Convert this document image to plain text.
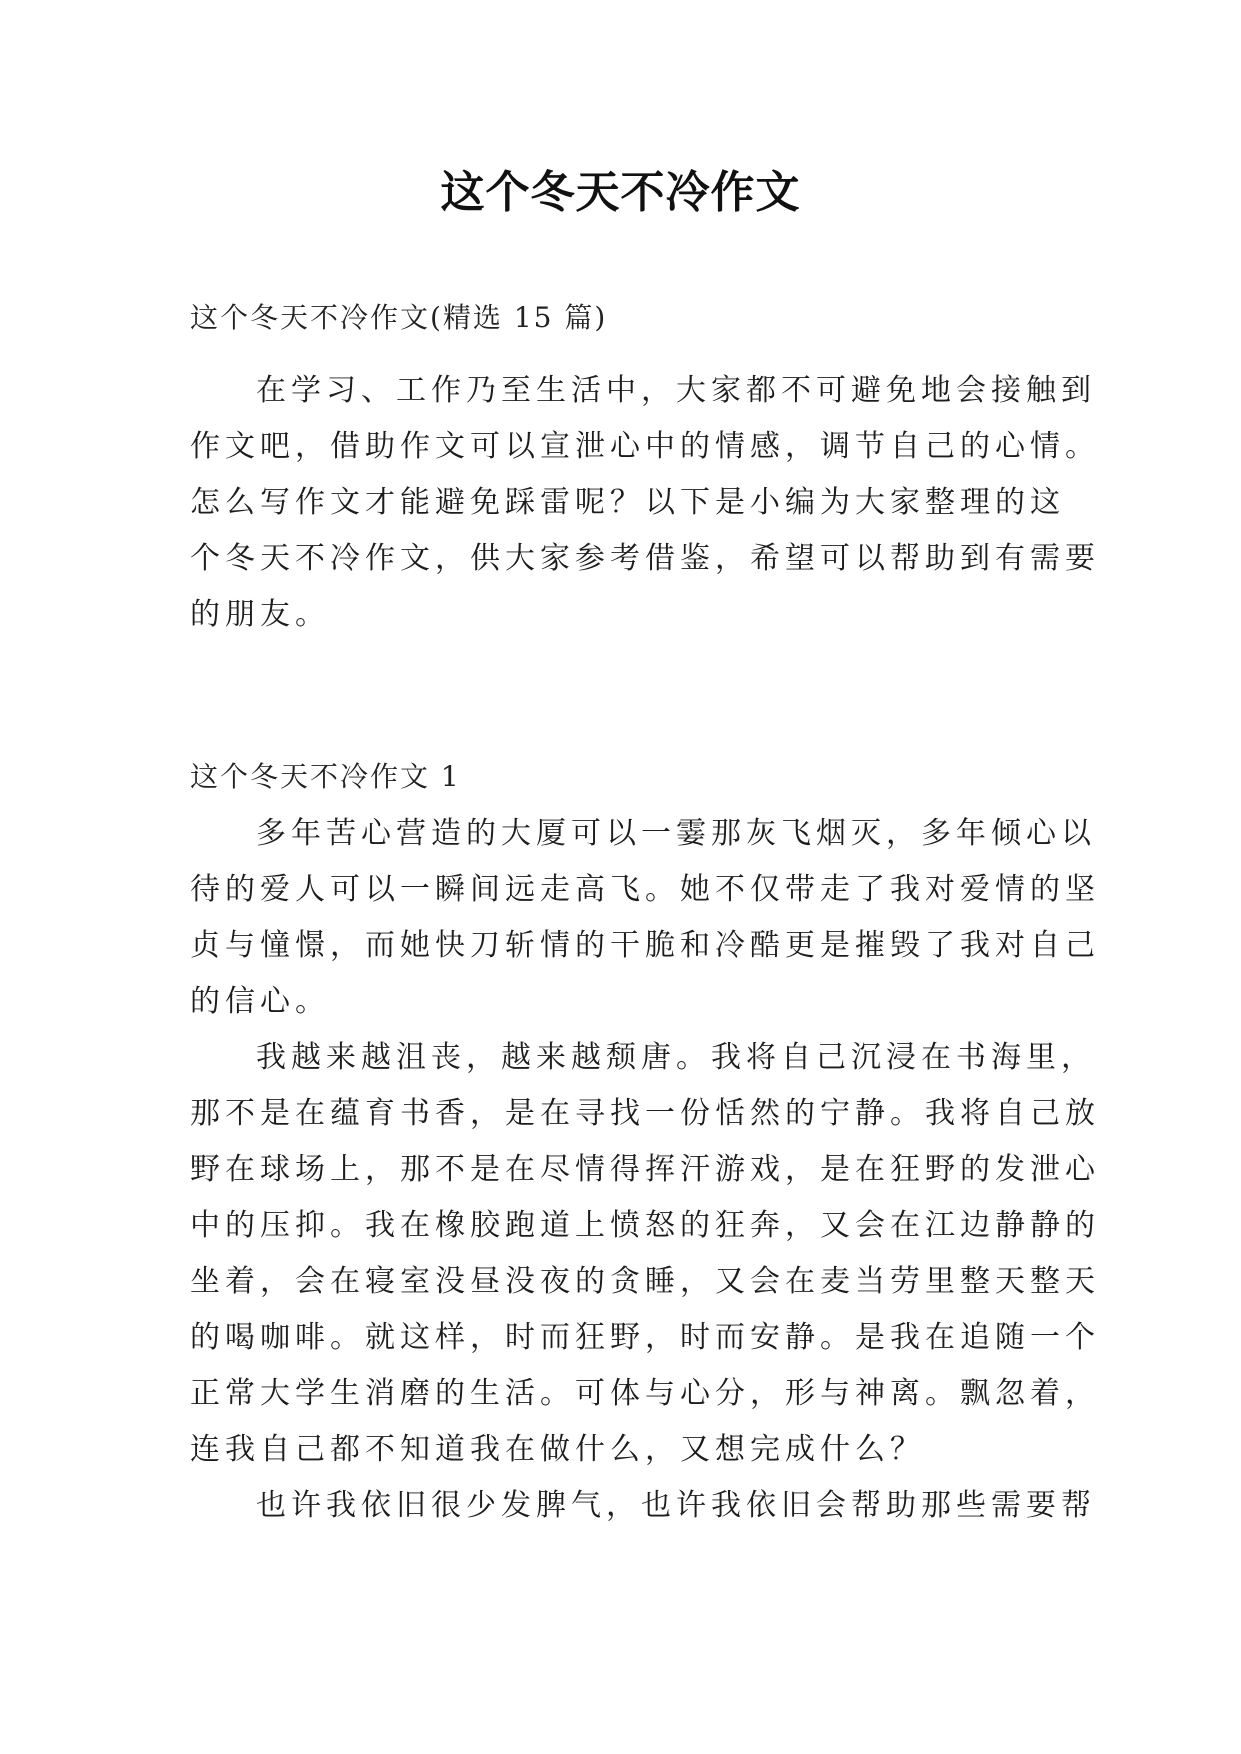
这个冬天不冷作文
这个冬天不冷作文(精选 15 篇)
在学习、工作乃至生活中，大家都不可避免地会接触到
作文吧，借助作文可以宣泄心中的情感，调节自己的心情。
怎么写作文才能避免踩雷呢？以下是小编为大家整理的这
个冬天不冷作文，供大家参考借鉴，希望可以帮助到有需要
的朋友。
这个冬天不冷作文 1
多年苦心营造的大厦可以一霎那灰飞烟灭，多年倾心以
待的爱人可以一瞬间远走高飞。她不仅带走了我对爱情的坚
贞与憧憬，而她快刀斩情的干脆和冷酷更是摧毁了我对自己
的信心。
我越来越沮丧，越来越颓唐。我将自己沉浸在书海里，
那不是在蕴育书香，是在寻找一份恬然的宁静。我将自己放
野在球场上，那不是在尽情得挥汗游戏，是在狂野的发泄心
中的压抑。我在橡胶跑道上愤怒的狂奔，又会在江边静静的
坐着，会在寝室没昼没夜的贪睡，又会在麦当劳里整天整天
的喝咖啡。就这样，时而狂野，时而安静。是我在追随一个
正常大学生消磨的生活。可体与心分，形与神离。飘忽着，
连我自己都不知道我在做什么，又想完成什么？
也许我依旧很少发脾气，也许我依旧会帮助那些需要帮
